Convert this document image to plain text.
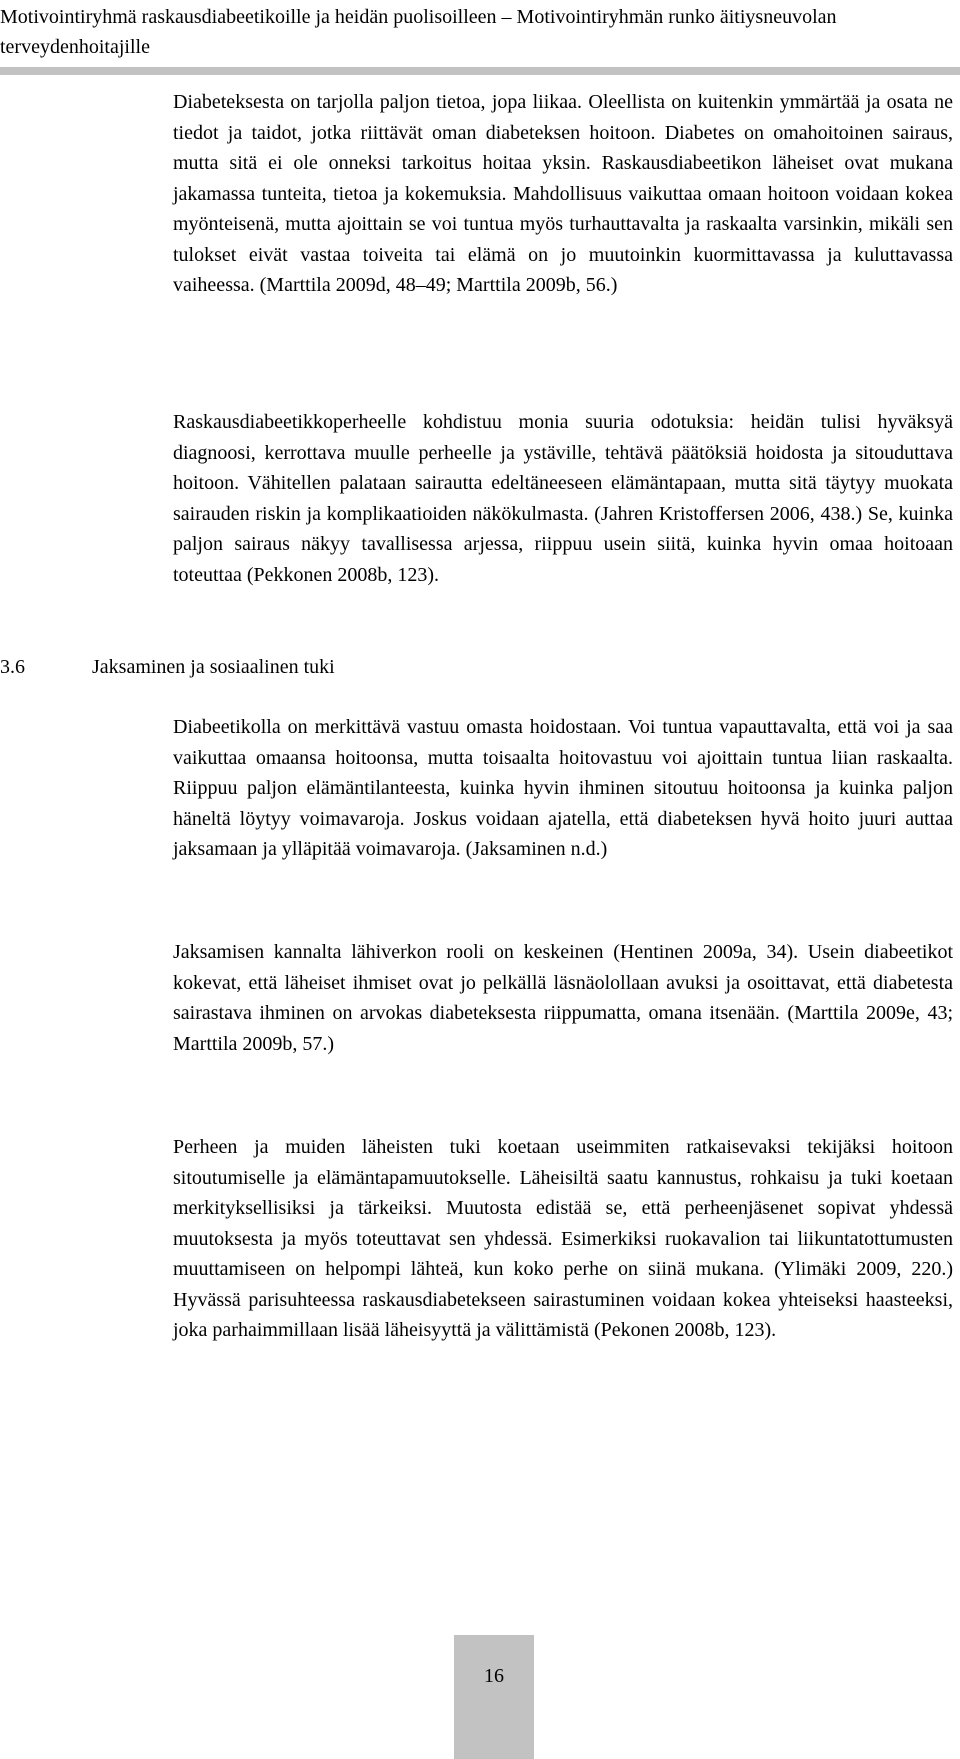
Motivointiryhmä raskausdiabeetikoille ja heidän puolisoilleen – Motivointiryhmän runko äitiysneuvolan terveydenhoitajille

Diabeteksesta on tarjolla paljon tietoa, jopa liikaa. Oleellista on kuitenkin ymmärtää ja osata ne tiedot ja taidot, jotka riittävät oman diabeteksen hoitoon. Diabetes on omahoitoinen sairaus, mutta sitä ei ole onneksi tarkoitus hoitaa yksin. Raskausdiabeetikon läheiset ovat mukana jakamassa tunteita, tietoa ja kokemuksia. Mahdollisuus vaikuttaa omaan hoitoon voidaan kokea myönteisenä, mutta ajoittain se voi tuntua myös turhauttavalta ja raskaalta varsinkin, mikäli sen tulokset eivät vastaa toiveita tai elämä on jo muutoinkin kuormittavassa ja kuluttavassa vaiheessa. (Marttila 2009d, 48–49; Marttila 2009b, 56.)

Raskausdiabeetikkoperheelle kohdistuu monia suuria odotuksia: heidän tulisi hyväksyä diagnoosi, kerrottava muulle perheelle ja ystäville, tehtävä päätöksiä hoidosta ja sitouduttava hoitoon. Vähitellen palataan sairautta edeltäneeseen elämäntapaan, mutta sitä täytyy muokata sairauden riskin ja komplikaatioiden näkökulmasta. (Jahren Kristoffersen 2006, 438.) Se, kuinka paljon sairaus näkyy tavallisessa arjessa, riippuu usein siitä, kuinka hyvin omaa hoitoaan toteuttaa (Pekkonen 2008b, 123).

3.6	Jaksaminen ja sosiaalinen tuki

Diabeetikolla on merkittävä vastuu omasta hoidostaan. Voi tuntua vapauttavalta, että voi ja saa vaikuttaa omaansa hoitoonsa, mutta toisaalta hoitovastuu voi ajoittain tuntua liian raskaalta. Riippuu paljon elämäntilanteesta, kuinka hyvin ihminen sitoutuu hoitoonsa ja kuinka paljon häneltä löytyy voimavaroja. Joskus voidaan ajatella, että diabeteksen hyvä hoito juuri auttaa jaksamaan ja ylläpitää voimavaroja. (Jaksaminen n.d.)

Jaksamisen kannalta lähiverkon rooli on keskeinen (Hentinen 2009a, 34). Usein diabeetikot kokevat, että läheiset ihmiset ovat jo pelkällä läsnäolollaan avuksi ja osoittavat, että diabetesta sairastava ihminen on arvokas diabeteksesta riippumatta, omana itsenään. (Marttila 2009e, 43; Marttila 2009b, 57.)

Perheen ja muiden läheisten tuki koetaan useimmiten ratkaisevaksi tekijäksi hoitoon sitoutumiselle ja elämäntapamuutokselle. Läheisiltä saatu kannustus, rohkaisu ja tuki koetaan merkityksellisiksi ja tärkeiksi. Muutosta edistää se, että perheenjäsenet sopivat yhdessä muutoksesta ja myös toteuttavat sen yhdessä. Esimerkiksi ruokavalion tai liikuntatottumusten muuttamiseen on helpompi lähteä, kun koko perhe on siinä mukana. (Ylimäki 2009, 220.) Hyvässä parisuhteessa raskausdiabetekseen sairastuminen voidaan kokea yhteiseksi haasteeksi, joka parhaimmillaan lisää läheisyyttä ja välittämistä (Pekonen 2008b, 123).

16
